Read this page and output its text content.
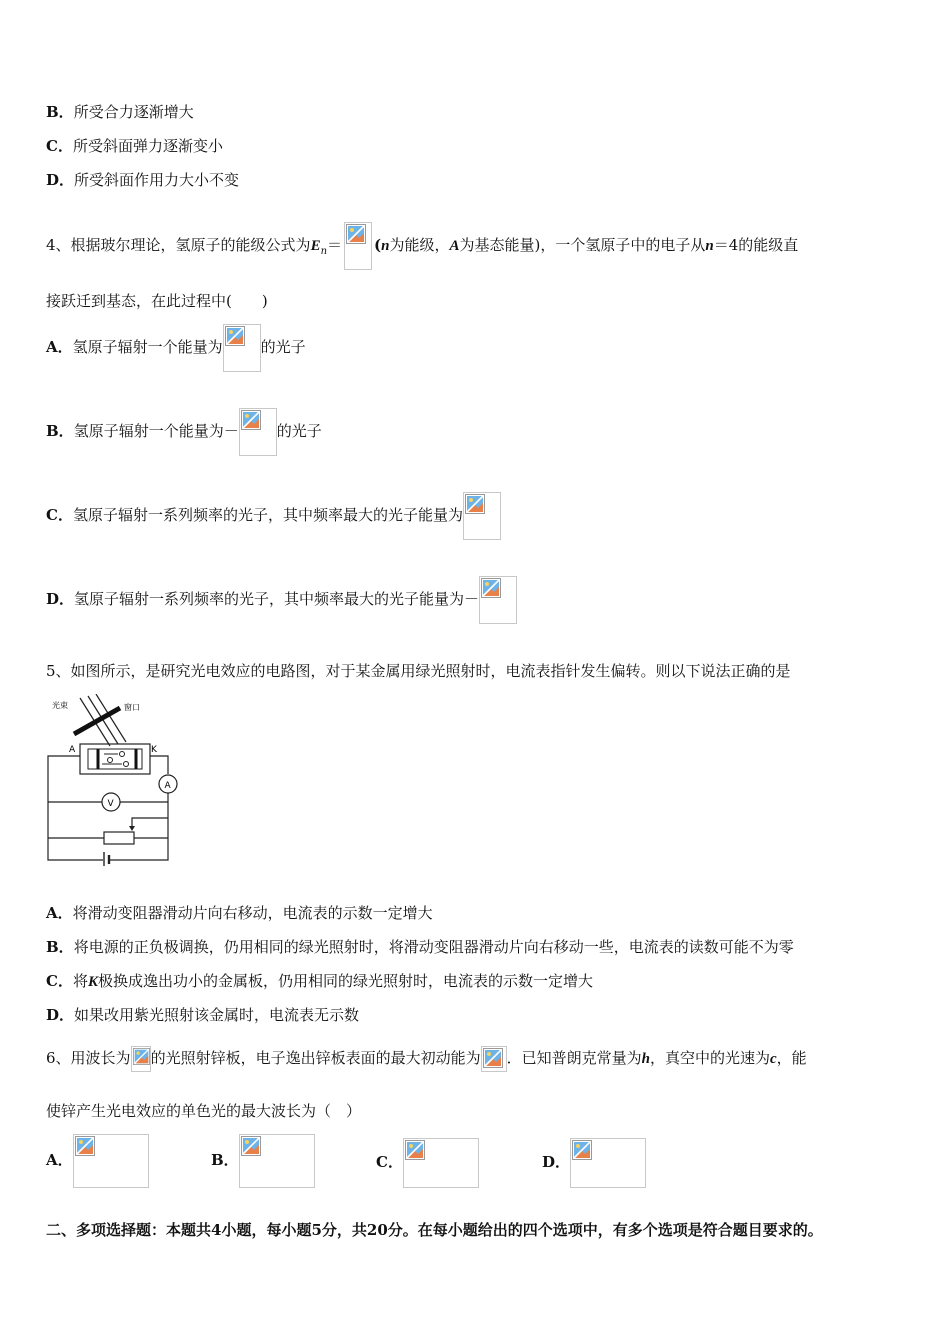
B．所受合力逐渐增大
C．所受斜面弹力逐渐变小
D．所受斜面作用力大小不变
4、根据玻尔理论，氢原子的能级公式为$E_n= (n$为能级，A为基态能量)，一个氢原子中的电子从n＝4的能级直
接跃迁到基态，在此过程中(　　)
A．氢原子辐射一个能量为	的光子
B．氢原子辐射一个能量为－	的光子
C．氢原子辐射一系列频率的光子，其中频率最大的光子能量为
D．氢原子辐射一系列频率的光子，其中频率最大的光子能量为－
5、如图所示，是研究光电效应的电路图，对于某金属用绿光照射时，电流表指针发生偏转。则以下说法正确的是
光束	窗口
A	K
A
V
A．将滑动变阻器滑动片向右移动，电流表的示数一定增大
B．将电源的正负极调换，仍用相同的绿光照射时，将滑动变阻器滑动片向右移动一些，电流表的读数可能不为零
C．将K极换成逸出功小的金属板，仍用相同的绿光照射时，电流表的示数一定增大
D．如果改用紫光照射该金属时，电流表无示数
6、用波长为 的光照射锌板，电子逸出锌板表面的最大初动能为 ．已知普朗克常量为h，真空中的光速为c，能
使锌产生光电效应的单色光的最大波长为（　）
A．	B．	C．	D．
二、多项选择题：本题共4小题，每小题5分，共20分。在每小题给出的四个选项中，有多个选项是符合题目要求的。
